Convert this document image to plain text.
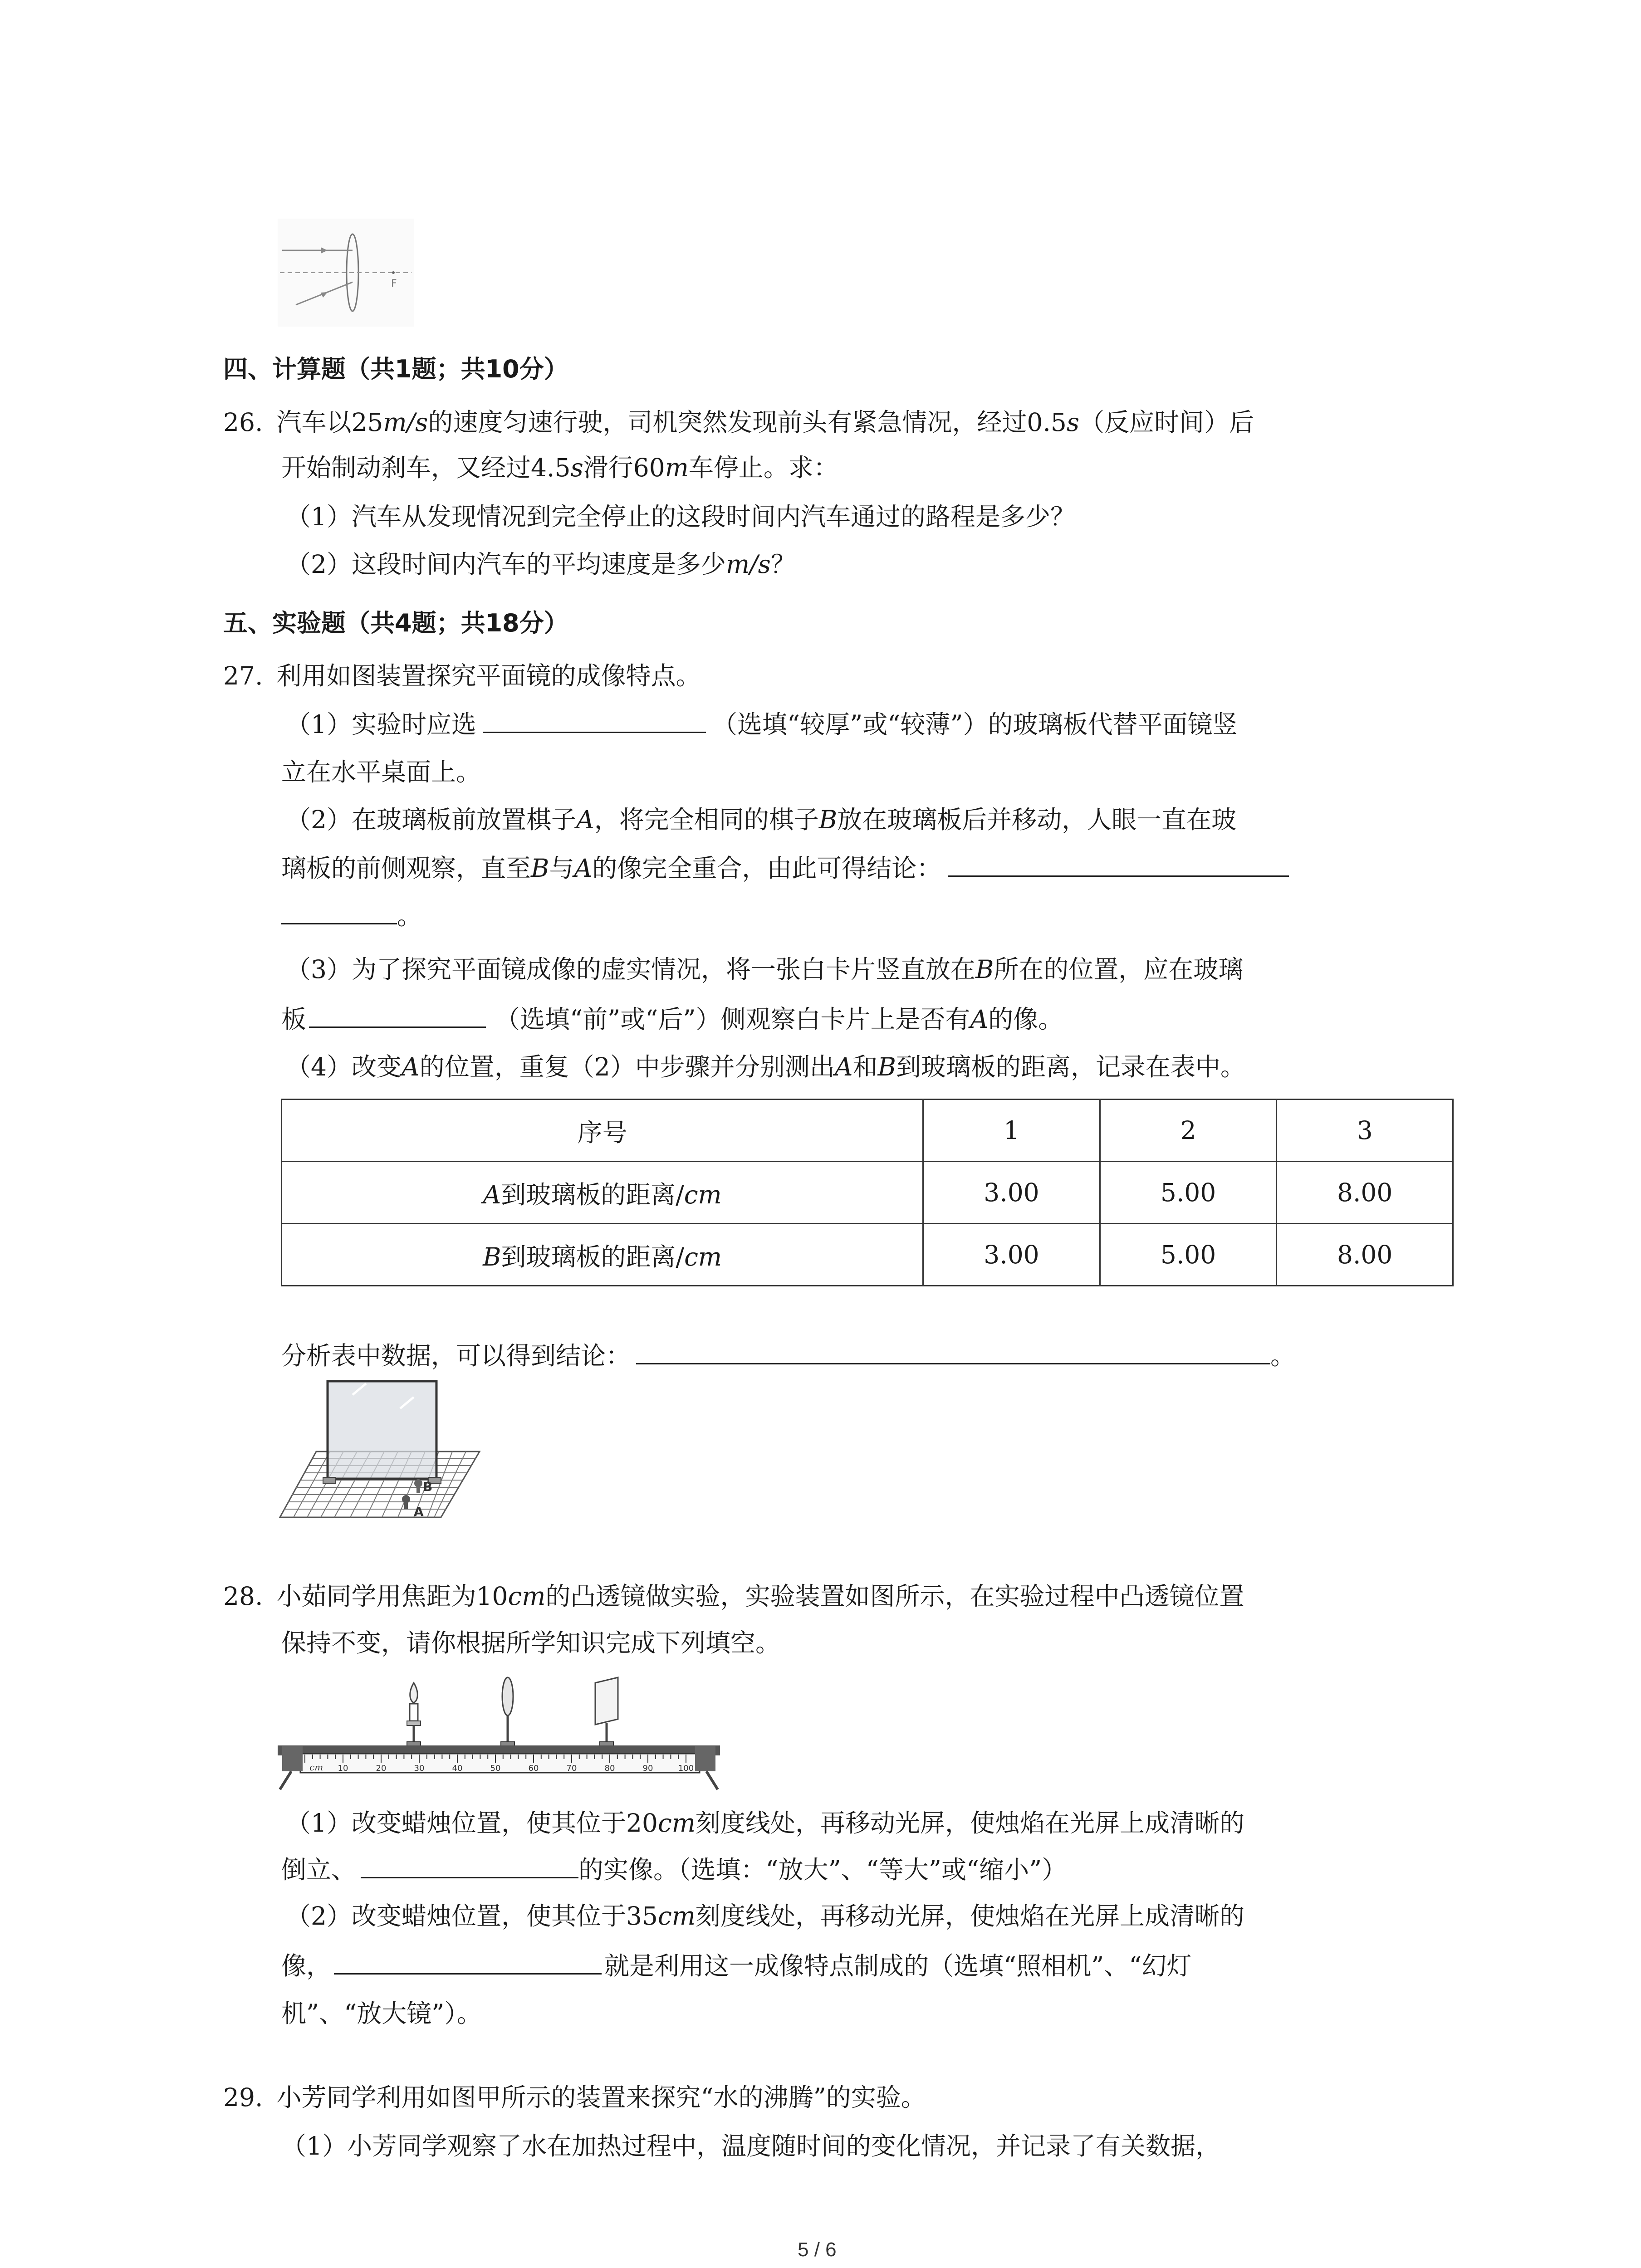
F
四、计算题（共1题；共10分）
26. 汽车以25m/s的速度匀速行驶，司机突然发现前头有紧急情况，经过0.5s（反应时间）后
开始制动刹车，又经过4.5s滑行60m车停止。求：
（1）汽车从发现情况到完全停止的这段时间内汽车通过的路程是多少？
（2）这段时间内汽车的平均速度是多少m/s？
五、实验题（共4题；共18分）
27. 利用如图装置探究平面镜的成像特点。
（1）实验时应选	（选填“较厚”或“较薄”）的玻璃板代替平面镜竖
立在水平桌面上。
（2）在玻璃板前放置棋子A，将完全相同的棋子B放在玻璃板后并移动，人眼一直在玻
璃板的前侧观察，直至B与A的像完全重合，由此可得结论：
。
（3）为了探究平面镜成像的虚实情况，将一张白卡片竖直放在B所在的位置，应在玻璃
板	（选填“前”或“后”）侧观察白卡片上是否有A的像。
（4）改变A的位置，重复（2）中步骤并分别测出A和B到玻璃板的距离，记录在表中。
序号	1	2	3
A到玻璃板的距离/cm	3.00	5.00	8.00
B到玻璃板的距离/cm	3.00	5.00	8.00
分析表中数据，可以得到结论：	。
B
A
28. 小茹同学用焦距为10cm的凸透镜做实验，实验装置如图所示，在实验过程中凸透镜位置
保持不变，请你根据所学知识完成下列填空。
10	20	30	40	50	60	70	80	90	100
cm
（1）改变蜡烛位置，使其位于20cm刻度线处，再移动光屏，使烛焰在光屏上成清晰的
倒立、	的实像。（选填：“放大”、“等大”或“缩小”）
（2）改变蜡烛位置，使其位于35cm刻度线处，再移动光屏，使烛焰在光屏上成清晰的
像，	就是利用这一成像特点制成的（选填“照相机”、“幻灯
机”、“放大镜”）。
29. 小芳同学利用如图甲所示的装置来探究“水的沸腾”的实验。
（1）小芳同学观察了水在加热过程中，温度随时间的变化情况，并记录了有关数据，
5 / 6
